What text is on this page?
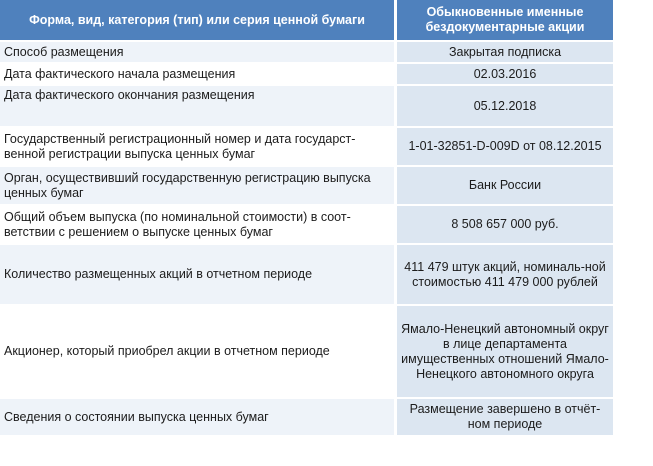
Форма, вид, категория (тип) или серия ценной бумаги
Обыкновенные именные бездокументарные акции
Способ размещения	Закрытая подписка
Дата фактического начала размещения	02.03.2016
Дата фактического окончания размещения
05.12.2018
Государственный регистрационный номер и дата государст-венной регистрации выпуска ценных бумаг
1-01-32851-D-009D от 08.12.2015
Орган, осуществивший государственную регистрацию выпуска ценных бумаг
Банк России
Общий объем выпуска (по номинальной стоимости) в соот-ветствии с решением о выпуске ценных бумаг
8 508 657 000 руб.
Количество размещенных акций в отчетном периоде
411 479 штук акций, номиналь-ной стоимостью 411 479 000 рублей
Акционер, который приобрел акции в отчетном периоде
Ямало-Ненецкий автономный округ в лице департамента имущественных отношений Ямало-Ненецкого автономного округа
Сведения о состоянии выпуска ценных бумаг
Размещение завершено в отчёт-ном периоде
